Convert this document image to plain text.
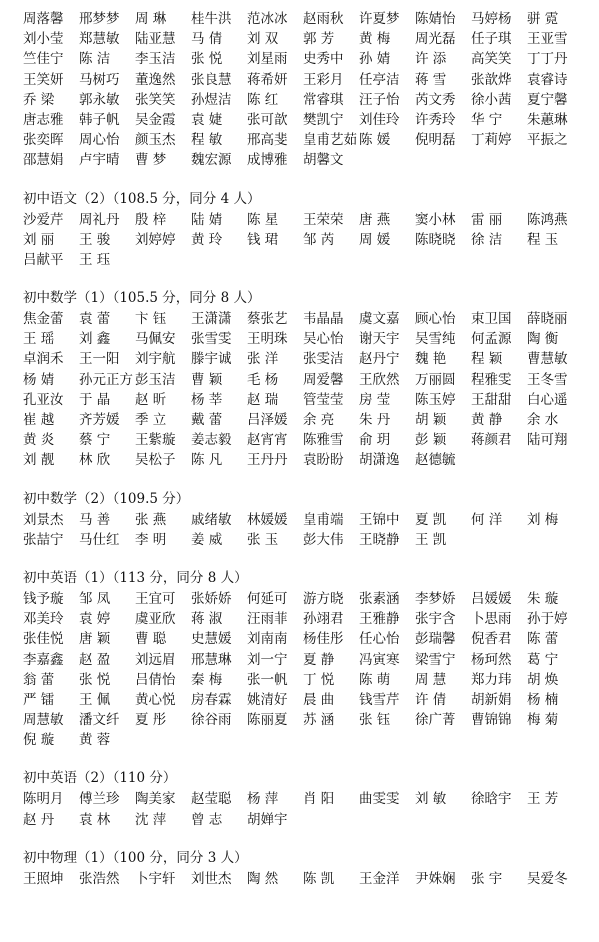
周落馨	邢梦梦	周 琳	桂牛洪	范冰冰	赵雨秋	许夏梦	陈婧怡	马婷杨	骈 霓
刘小莹	郑慧敏	陆亚慧	马 倩	刘 双	郭 芳	黄 梅	周光磊	任子琪	王亚雪
竺佳宁	陈 洁	李玉洁	张 悦	刘星雨	史秀中	孙 婧	许 添	高笑笑	丁丁丹
王笑妍	马树巧	董逸然	张良慧	蒋希妍	王彩月	任亭洁	蒋 雪	张歆烨	袁睿诗
乔 梁	郭永敏	张笑笑	孙煜洁	陈 红	常睿琪	汪子怡	芮文秀	徐小茜	夏宁馨
唐志雅	韩子帆	吴金霞	袁 婕	张可歆	樊凯宁	刘佳玲	许秀玲	华 宁	朱蕙琳
张奕晖	周心怡	颜玉杰	程 敏	邢高斐	皇甫艺茹 陈 媛	倪明磊	丁莉婷	平振之
邵慧娟	卢宇晴	曹 梦	魏宏源	成博雅	胡馨文
初中语文（2）（108.5 分，同分 4 人）
沙爱芹	周礼丹	殷 梓	陆 婧	陈 星	王荣荣	唐 燕	窦小林	雷 丽	陈鸿燕
刘 丽	王 骏	刘婷婷	黄 玲	钱 珺	邹 芮	周 媛	陈晓晓	徐 洁	程 玉
吕献平	王 珏
初中数学（1）（105.5 分，同分 8 人）
焦金蕾	袁 蕾	卞 钰	王潇潇	蔡张艺	韦晶晶	虞文嘉	顾心怡	束卫国	薛晓丽
王 瑶	刘 鑫	马佩安	张雪雯	王明珠	吴心怡	谢天宇	吴雪纯	何孟源	陶 衡
卓润禾	王一阳	刘宇航	滕宇诚	张 洋	张雯洁	赵丹宁	魏 艳	程 颖	曹慧敏
杨 婧	孙元正方 彭玉洁	曹 颖	毛 杨	周爱馨	王欣然	万丽圆	程雅雯	王冬雪
孔亚汝	于 晶	赵 昕	杨 莘	赵 瑞	管莹莹	房 莹	陈玉婷	王甜甜	白心遥
崔 越	齐芳媛	季 立	戴 蕾	吕泽媛	余 亮	朱 丹	胡 颖	黄 静	余 水
黄 炎	蔡 宁	王紫璇	姜志毅	赵宵宵	陈雅雪	俞 玥	彭 颖	蒋颜君	陆可翔
刘 靓	林 欣	吴松子	陈 凡	王丹丹	袁盼盼	胡潇逸	赵德毓
初中数学（2）（109.5 分）
刘景杰	马 善	张 燕	戚绪敏	林媛媛	皇甫端	王锦中	夏 凯	何 洋	刘 梅
张喆宁	马仕红	李 明	姜 威	张 玉	彭大伟	王晓静	王 凯
初中英语（1）（113 分，同分 8 人）
钱予璇	邹 凤	王宜可	张娇娇	何延可	游方晓	张素涵	李梦娇	吕媛媛	朱 璇
邓美玲	袁 婷	虞亚欣	蒋 淑	汪雨菲	孙翊君	王雅静	张宇含	卜思雨	孙于婷
张佳悦	唐 颖	曹 聪	史慧媛	刘南南	杨佳彤	任心怡	彭瑞馨	倪香君	陈 蕾
李嘉鑫	赵 盈	刘远眉	邢慧琳	刘一宁	夏 静	冯寅寒	梁雪宁	杨珂然	葛 宁
翁 蕾	张 悦	吕倩怡	秦 梅	张一帆	丁 悦	陈 萌	周 慧	郑力玮	胡 焕
严 镭	王 佩	黄心悦	房春霖	姚清好	晨 曲	钱雪芹	许 倩	胡新娟	杨 楠
周慧敏	潘文纤	夏 彤	徐谷雨	陈丽夏	苏 涵	张 钰	徐广菁	曹锦锦	梅 菊
倪 璇	黄 蓉
初中英语（2）（110 分）
陈明月	傅兰珍	陶美家	赵莹聪	杨 萍	肖 阳	曲雯雯	刘 敏	徐晗宇	王 芳
赵 丹	袁 林	沈 萍	曾 志	胡婵宇
初中物理（1）（100 分，同分 3 人）
王照坤	张浩然	卜宇轩	刘世杰	陶 然	陈 凯	王金洋	尹姝娴	张 宇	吴爱冬
